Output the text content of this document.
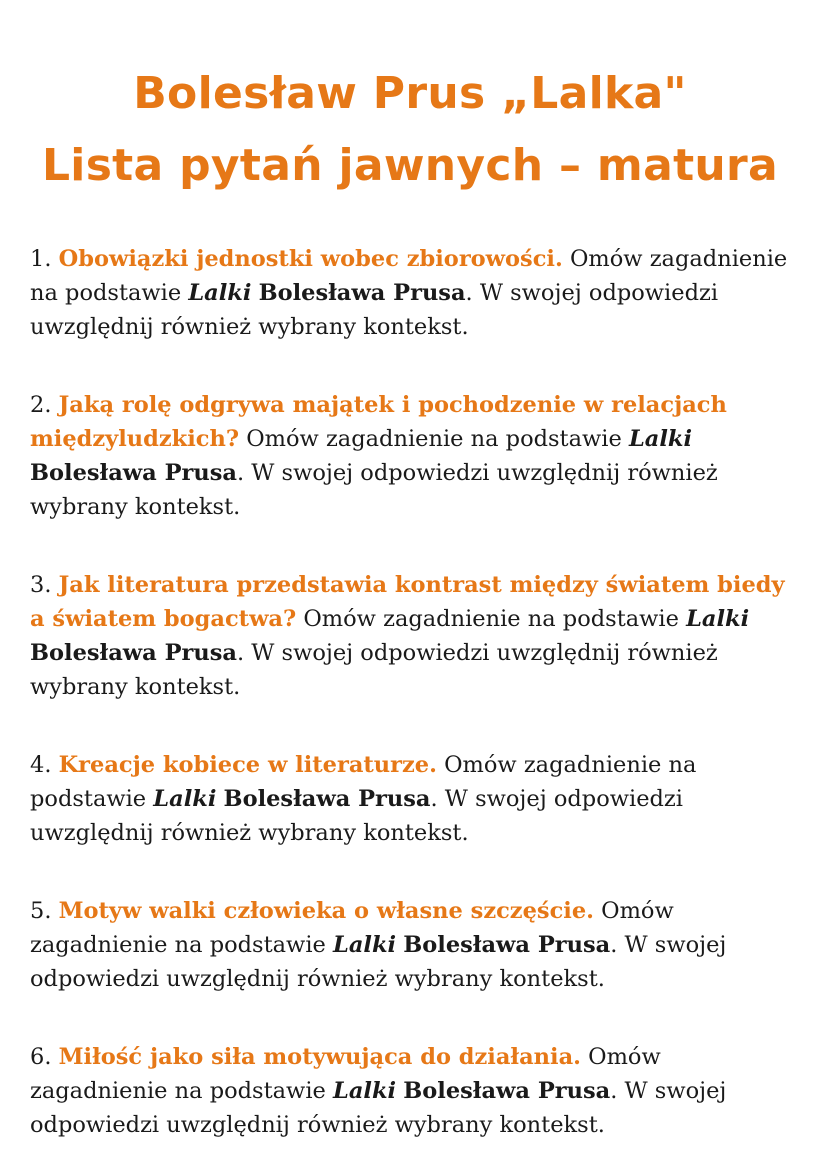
Bolesław Prus „Lalka"
Lista pytań jawnych – matura
1. Obowiązki jednostki wobec zbiorowości. Omów zagadnienie na podstawie Lalki Bolesława Prusa. W swojej odpowiedzi uwzględnij również wybrany kontekst.
2. Jaką rolę odgrywa majątek i pochodzenie w relacjach międzyludzkich? Omów zagadnienie na podstawie Lalki Bolesława Prusa. W swojej odpowiedzi uwzględnij również wybrany kontekst.
3. Jak literatura przedstawia kontrast między światem biedy a światem bogactwa? Omów zagadnienie na podstawie Lalki Bolesława Prusa. W swojej odpowiedzi uwzględnij również wybrany kontekst.
4. Kreacje kobiece w literaturze. Omów zagadnienie na podstawie Lalki Bolesława Prusa. W swojej odpowiedzi uwzględnij również wybrany kontekst.
5. Motyw walki człowieka o własne szczęście. Omów zagadnienie na podstawie Lalki Bolesława Prusa. W swojej odpowiedzi uwzględnij również wybrany kontekst.
6. Miłość jako siła motywująca do działania. Omów zagadnienie na podstawie Lalki Bolesława Prusa. W swojej odpowiedzi uwzględnij również wybrany kontekst.
